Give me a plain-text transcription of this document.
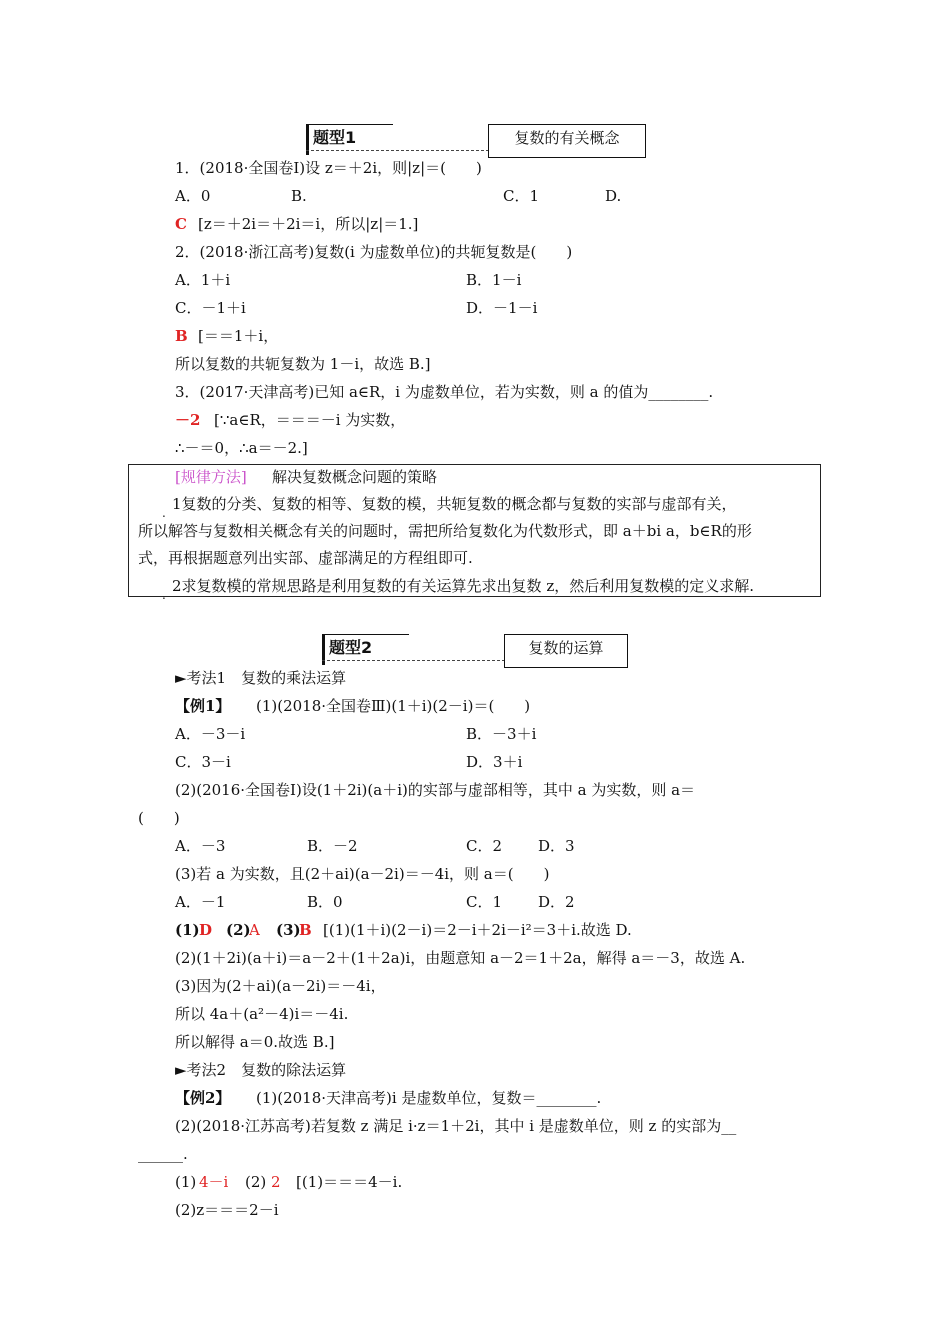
题型1	复数的有关概念
1．(2018·全国卷Ⅰ)设 z＝＋2i，则|z|＝(　　)
A．0	B.	C．1	D.
C [z＝＋2i＝＋2i＝i，所以|z|＝1.]
2．(2018·浙江高考)复数(i 为虚数单位)的共轭复数是(　　)
A．1＋i	B．1－i
C．－1＋i	D．－1－i
B [＝＝1＋i，
所以复数的共轭复数为 1－i，故选 B.]
3．(2017·天津高考)已知 a∈R，i 为虚数单位，若为实数，则 a 的值为________.
－2 [∵a∈R，＝＝＝－i 为实数，
∴－＝0，∴a＝－2.]
[规律方法] 解决复数概念问题的策略
. 1复数的分类、复数的相等、复数的模，共轭复数的概念都与复数的实部与虚部有关，
所以解答与复数相关概念有关的问题时，需把所给复数化为代数形式，即 a＋bi a，b∈R的形
式，再根据题意列出实部、虚部满足的方程组即可.
. 2求复数模的常规思路是利用复数的有关运算先求出复数 z，然后利用复数模的定义求解.
题型2	复数的运算
►考法1　复数的乘法运算
【例1】 (1)(2018·全国卷Ⅲ)(1＋i)(2－i)＝(　　)
A．－3－i	B．－3＋i
C．3－i	D．3＋i
(2)(2016·全国卷Ⅰ)设(1＋2i)(a＋i)的实部与虚部相等，其中 a 为实数，则 a＝
(　　)
A．－3	B．－2	C．2 D．3
(3)若 a 为实数，且(2＋ai)(a－2i)＝－4i，则 a＝(　　)
A．－1	B．0	C．1 D．2
(1) D (2)
A (3)
B [(1)(1＋i)(2－i)＝2－i＋2i－i²＝3＋i.故选 D.
(2)(1＋2i)(a＋i)＝a－2＋(1＋2a)i，由题意知 a－2＝1＋2a，解得 a＝－3，故选 A.
(3)因为(2＋ai)(a－2i)＝－4i，
所以 4a＋(a²－4)i＝－4i.
所以解得 a＝0.故选 B.]
►考法2　复数的除法运算
【例2】 (1)(2018·天津高考)i 是虚数单位，复数＝________.
(2)(2018·江苏高考)若复数 z 满足 i·z＝1＋2i，其中 i 是虚数单位，则 z 的实部为__
______.
(1) 4－i (2) 2 [(1)＝＝＝4－i.
(2)z＝＝＝2－i
